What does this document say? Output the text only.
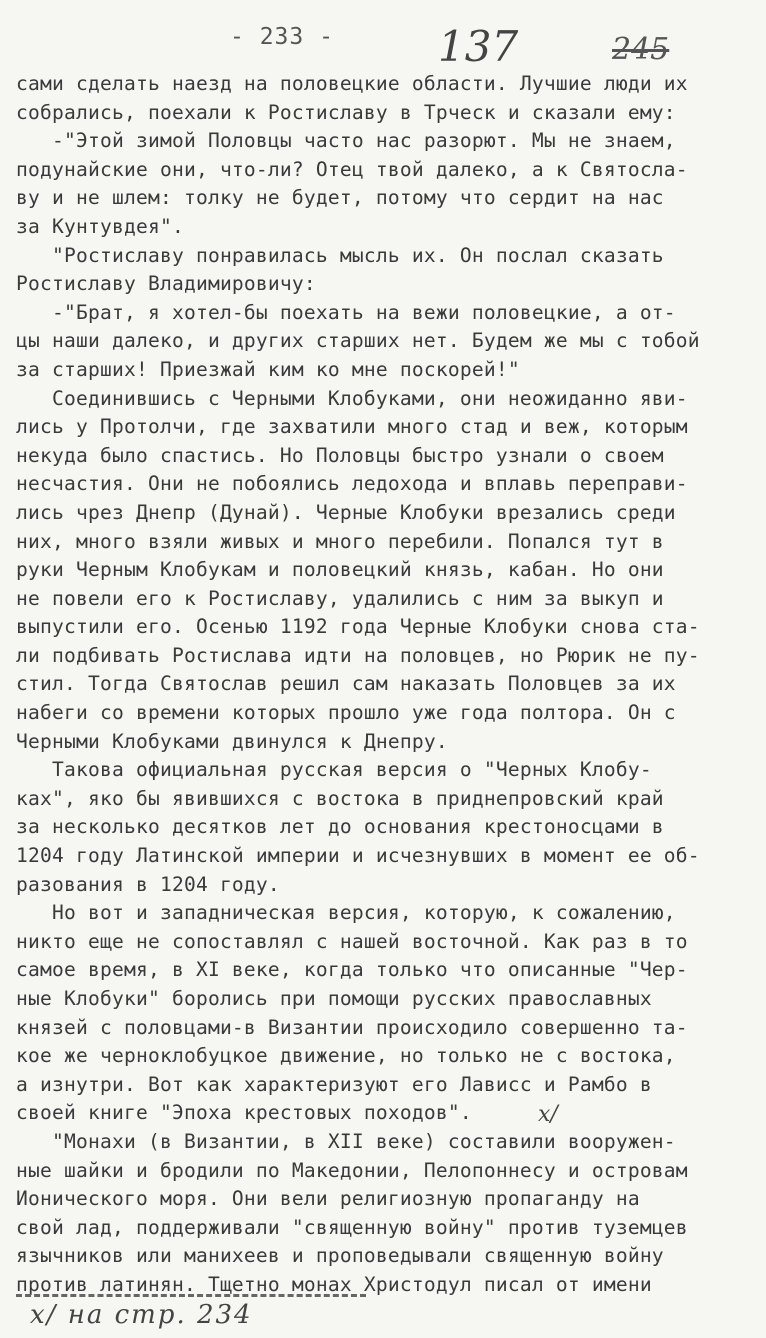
- 233 - 137	245
сами сделать наезд на половецкие области. Лучшие люди их
собрались, поехали к Ростиславу в Трческ и сказали ему:
-"Этой зимой Половцы часто нас разорют. Мы не знаем,
подунайские они, что-ли? Отец твой далеко, а к Святосла-
ву и не шлем: толку не будет, потому что сердит на нас
за Кунтувдея".
"Ростиславу понравилась мысль их. Он послал сказать
Ростиславу Владимировичу:
-"Брат, я хотел-бы поехать на вежи половецкие, а от-
цы наши далеко, и других старших нет. Будем же мы с тобой
за старших! Приезжай ким ко мне поскорей!"
Соединившись с Черными Клобуками, они неожиданно яви-
лись у Протолчи, где захватили много стад и веж, которым
некуда было спастись. Но Половцы быстро узнали о своем
несчастия. Они не побоялись ледохода и вплавь переправи-
лись чрез Днепр (Дунай). Черные Клобуки врезались среди
них, много взяли живых и много перебили. Попался тут в
руки Черным Клобукам и половецкий князь, кабан. Но они
не повели его к Ростиславу, удалились с ним за выкуп и
выпустили его. Осенью 1192 года Черные Клобуки снова ста-
ли подбивать Ростислава идти на половцев, но Рюрик не пу-
стил. Тогда Святослав решил сам наказать Половцев за их
набеги со времени которых прошло уже года полтора. Он с
Черными Клобуками двинулся к Днепру.
Такова официальная русская версия о "Черных Клобу-
ках", яко бы явившихся с востока в приднепровский край
за несколько десятков лет до основания крестоносцами в
1204 году Латинской империи и исчезнувших в момент ее об-
разования в 1204 году.
Но вот и западническая версия, которую, к сожалению,
никто еще не сопоставлял с нашей восточной. Как раз в то
самое время, в XI веке, когда только что описанные "Чер-
ные Клобуки" боролись при помощи русских православных
князей с половцами-в Византии происходило совершенно та-
кое же черноклобуцкое движение, но только не с востока,
а изнутри. Вот как характеризуют его Лависс и Рамбо в
своей книге "Эпоха крестовых походов".
"Монахи (в Византии, в XII веке) составили вооружен-
ные шайки и бродили по Македонии, Пелопоннесу и островам
Ионического моря. Они вели религиозную пропаганду на
свой лад, поддерживали "священную войну" против туземцев
язычников или манихеев и проповедывали священную войну
против латинян. Тщетно монах Христодул писал от имени
x/
x/ на стр. 234
